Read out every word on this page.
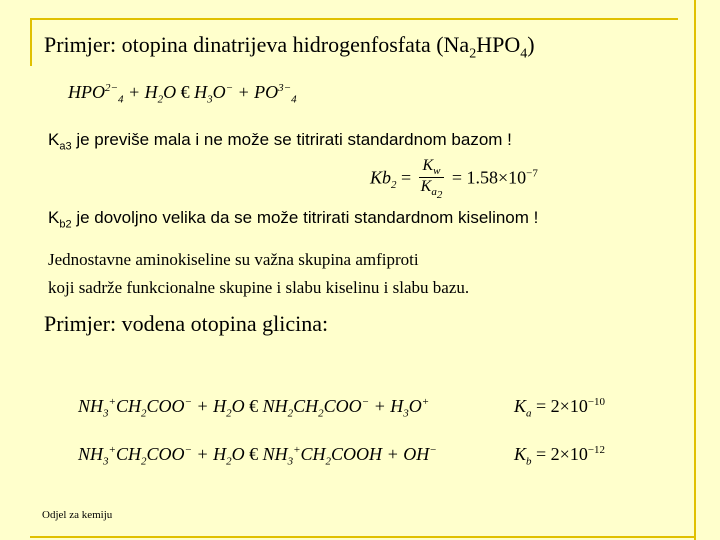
Primjer: otopina dinatrijeva hidrogenfosfata $(Na_2HPO_4)$
$HPO^{2-}_4 + H_2O$ € $H_3O^- + PO^{3-}_4$
$K_{a3}$ je previše mala i ne može se titrirati standardnom bazom !
$Kb_2 = \frac{K_w}{K_{a_2}} = 1.58\times 10^{-7}$
$K_{b2}$ je dovoljno velika da se može titrirati standardnom kiselinom !
Jednostavne aminokiseline su važna skupina amfiproti
koji sadrže funkcionalne skupine i slabu kiselinu i slabu bazu.
Primjer: vodena otopina glicina:
$NH_3^+CH_2COO^- + H_2O$ € $NH_2CH_2COO^- + H_3O^+$	$K_a = 2\times 10^{-10}$
$NH_3^+CH_2COO^- + H_2O$ € $NH_3^+CH_2COOH + OH^-$	$K_b = 2\times 10^{-12}$
Odjel za kemiju
